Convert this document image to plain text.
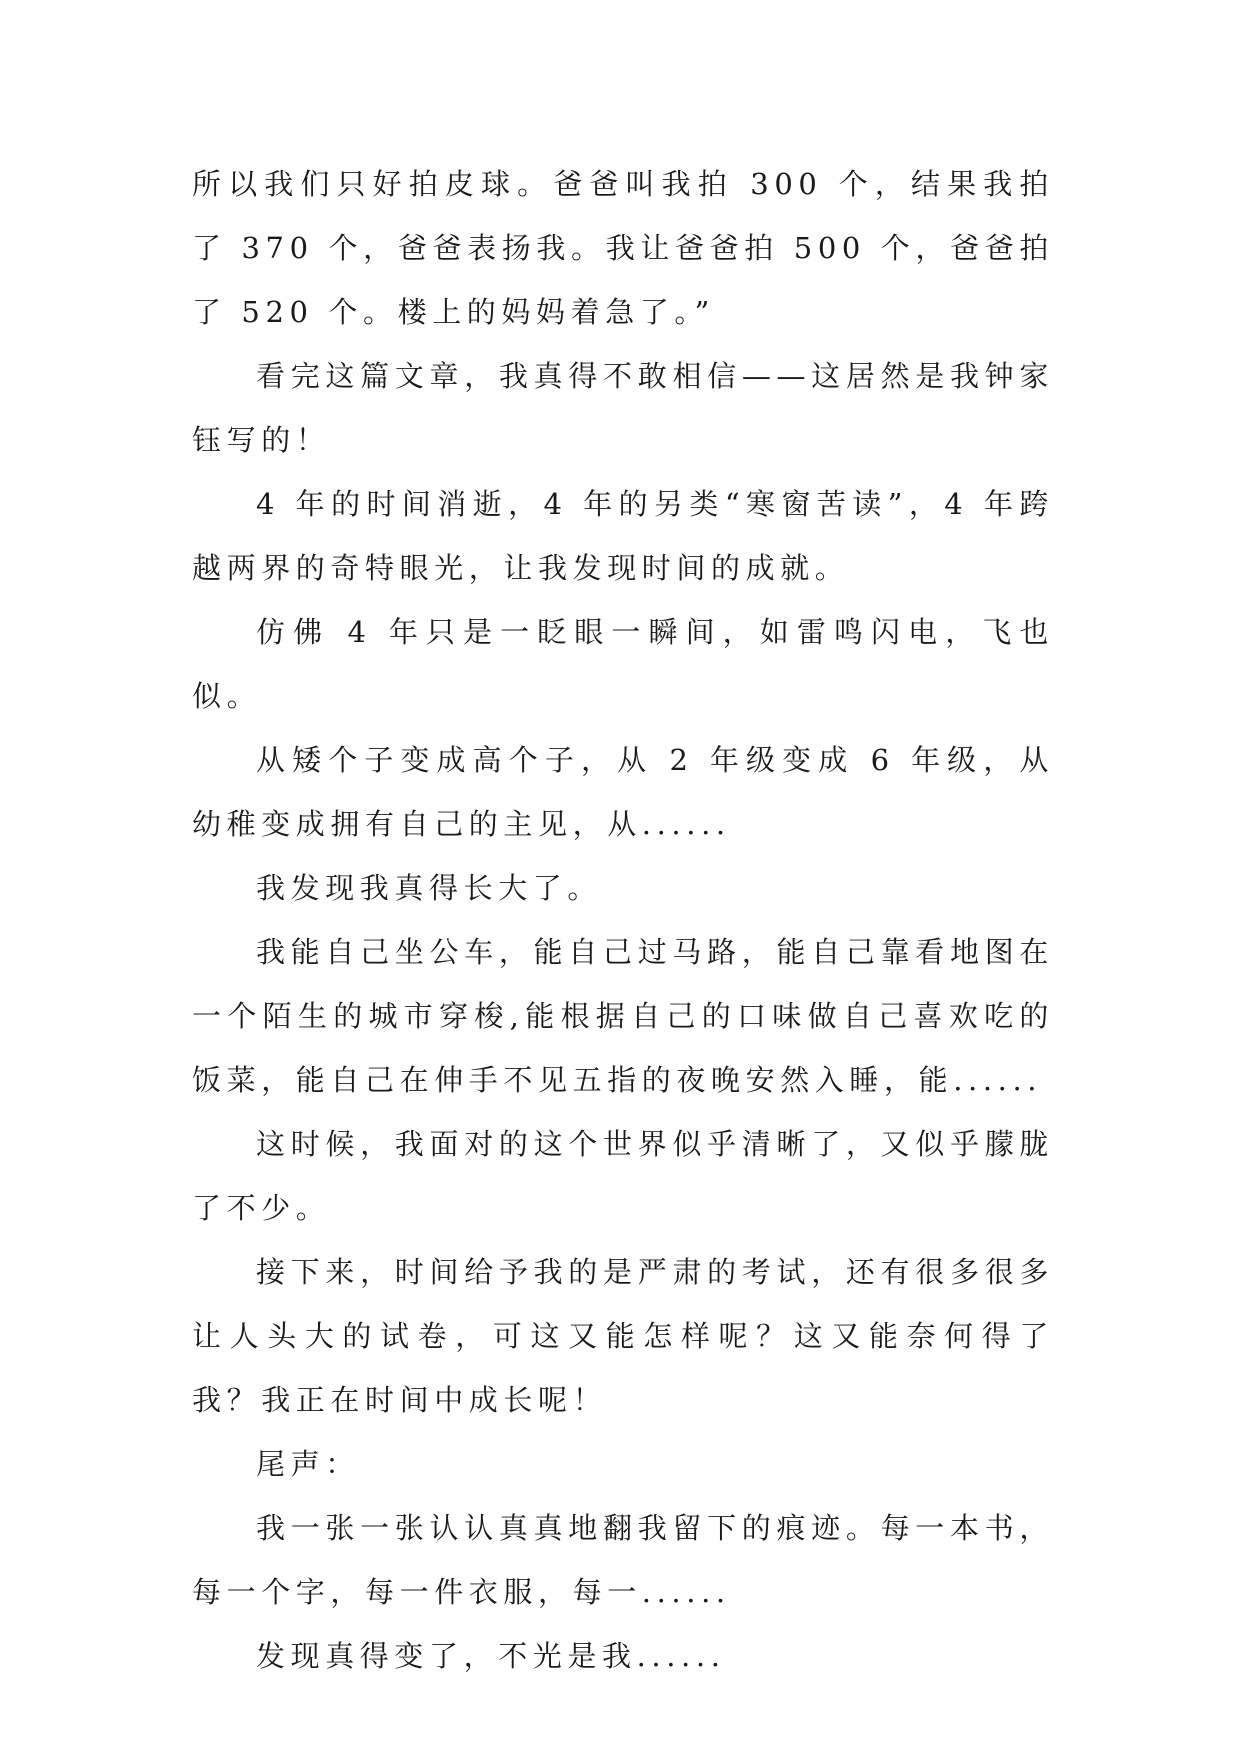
所以我们只好拍皮球。爸爸叫我拍 300 个，结果我拍了 370 个，爸爸表扬我。我让爸爸拍 500 个，爸爸拍了 520 个。楼上的妈妈着急了。”

看完这篇文章，我真得不敢相信——这居然是我钟家钰写的！

4 年的时间消逝，4 年的另类“寒窗苦读”，4 年跨越两界的奇特眼光，让我发现时间的成就。

仿佛 4 年只是一眨眼一瞬间，如雷鸣闪电，飞也似。

从矮个子变成高个子，从 2 年级变成 6 年级，从幼稚变成拥有自己的主见，从......

我发现我真得长大了。

我能自己坐公车，能自己过马路，能自己靠看地图在一个陌生的城市穿梭,能根据自己的口味做自己喜欢吃的饭菜，能自己在伸手不见五指的夜晚安然入睡，能......

这时候，我面对的这个世界似乎清晰了，又似乎朦胧了不少。

接下来，时间给予我的是严肃的考试，还有很多很多让人头大的试卷，可这又能怎样呢？这又能奈何得了我？我正在时间中成长呢！

尾声：

我一张一张认认真真地翻我留下的痕迹。每一本书，每一个字，每一件衣服，每一......

发现真得变了，不光是我......
